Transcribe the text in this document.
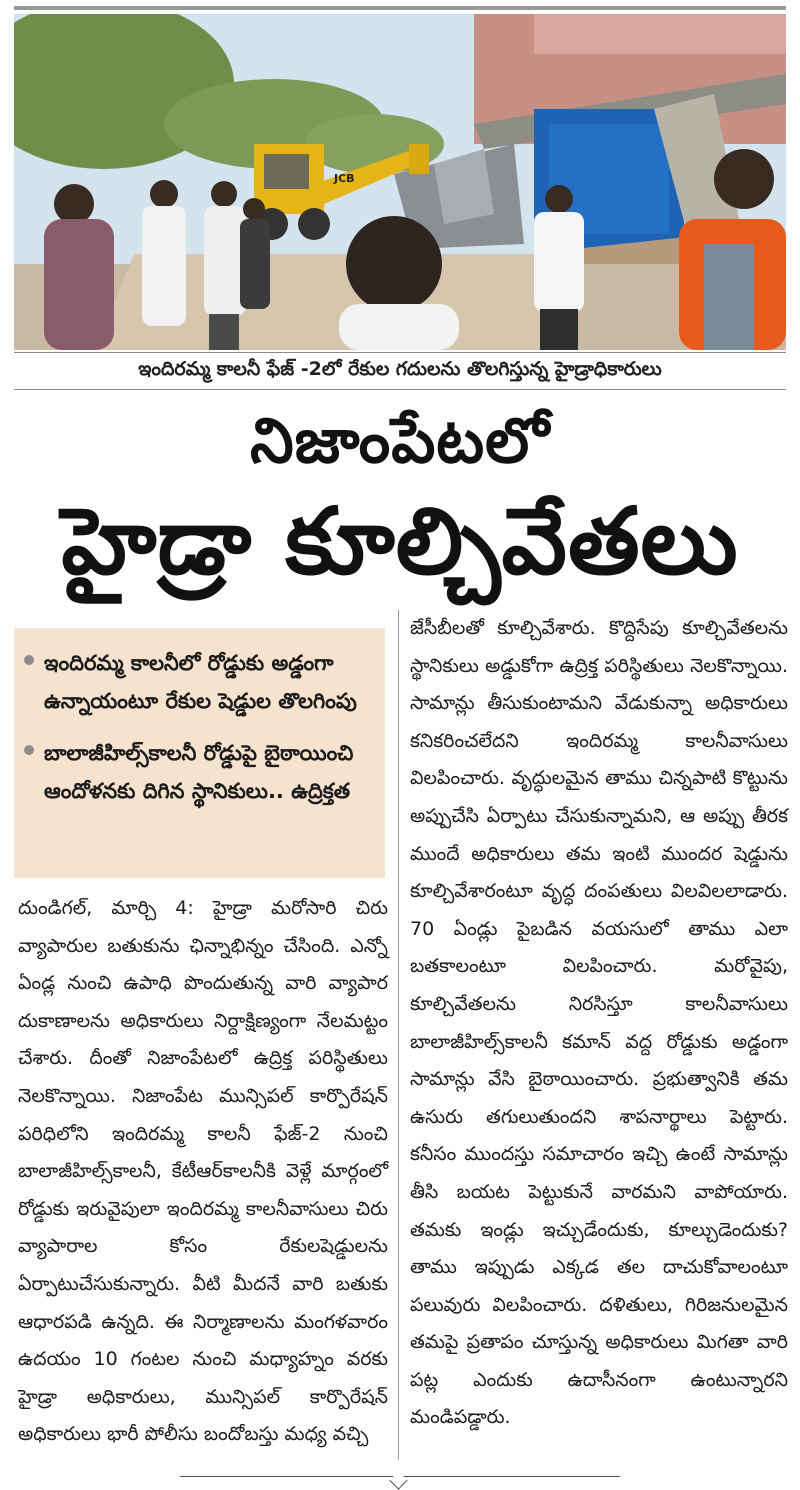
JCB
ఇందిరమ్మ కాలనీ ఫేజ్ -2లో రేకుల గదులను తొలగిస్తున్న హైడ్రాధికారులు
నిజాంపేటలో
హైడ్రా కూల్చివేతలు
ఇందిరమ్మ కాలనీలో రోడ్డుకు అడ్డంగా ఉన్నాయంటూ రేకుల షెడ్డుల తొలగింపు
బాలాజీహిల్స్‌కాలనీ రోడ్డుపై బైఠాయించి ఆందోళనకు దిగిన స్థానికులు.. ఉద్రిక్తత
దుండిగల్, మార్చి 4: హైడ్రా మరోసారి చిరు వ్యాపారుల బతుకును ఛిన్నాభిన్నం చేసింది. ఎన్నో ఏండ్ల నుంచి ఉపాధి పొందుతున్న వారి వ్యాపార దుకాణాలను అధికారులు నిర్దాక్షిణ్యంగా నేలమట్టం చేశారు. దీంతో నిజాంపేటలో ఉద్రిక్త పరిస్థితులు నెలకొన్నాయి. నిజాంపేట మున్సిపల్ కార్పొరేషన్ పరిధిలోని ఇందిరమ్మ కాలనీ ఫేజ్-2 నుంచి బాలాజీహిల్స్‌కాలనీ, కేటీఆర్‌కాలనీకి వెళ్లే మార్గంలో రోడ్డుకు ఇరువైపులా ఇందిరమ్మ కాలనీవాసులు చిరు వ్యాపారాల కోసం రేకులషెడ్డులను ఏర్పాటుచేసుకున్నారు. వీటి మీదనే వారి బతుకు ఆధారపడి ఉన్నది. ఈ నిర్మాణాలను మంగళవారం ఉదయం 10 గంటల నుంచి మధ్యాహ్నం వరకు హైడ్రా అధికారులు, మున్సిపల్ కార్పొరేషన్ అధికారులు భారీ పోలీసు బందోబస్తు మధ్య వచ్చి
జేసీబీలతో కూల్చివేశారు. కొద్దిసేపు కూల్చివేతలను స్థానికులు అడ్డుకోగా ఉద్రిక్త పరిస్థితులు నెలకొన్నాయి. సామాన్లు తీసుకుంటామని వేడుకున్నా అధికారులు కనికరించలేదని ఇందిరమ్మ కాలనీవాసులు విలపించారు. వృద్ధులమైన తాము చిన్నపాటి కొట్టును అప్పుచేసి ఏర్పాటు చేసుకున్నామని, ఆ అప్పు తీరక ముందే అధికారులు తమ ఇంటి ముందర షెడ్డును కూల్చివేశారంటూ వృద్ధ దంపతులు విలవిలలాడారు. 70 ఏండ్లు పైబడిన వయసులో తాము ఎలా బతకాలంటూ విలపించారు. మరోవైపు, కూల్చివేతలను నిరసిస్తూ కాలనీవాసులు బాలాజీహిల్స్‌కాలనీ కమాన్ వద్ద రోడ్డుకు అడ్డంగా సామాన్లు వేసి బైఠాయించారు. ప్రభుత్వానికి తమ ఉసురు తగులుతుందని శాపనార్థాలు పెట్టారు. కనీసం ముందస్తు సమాచారం ఇచ్చి ఉంటే సామాన్లు తీసి బయట పెట్టుకునే వారమని వాపోయారు. తమకు ఇండ్లు ఇచ్చుడేందుకు, కూల్చుడెందుకు? తాము ఇప్పుడు ఎక్కడ తల దాచుకోవాలంటూ పలువురు విలపించారు. దళితులు, గిరిజనులమైన తమపై ప్రతాపం చూస్తున్న అధికారులు మిగతా వారి పట్ల ఎందుకు ఉదాసీనంగా ఉంటున్నారని మండిపడ్డారు.
